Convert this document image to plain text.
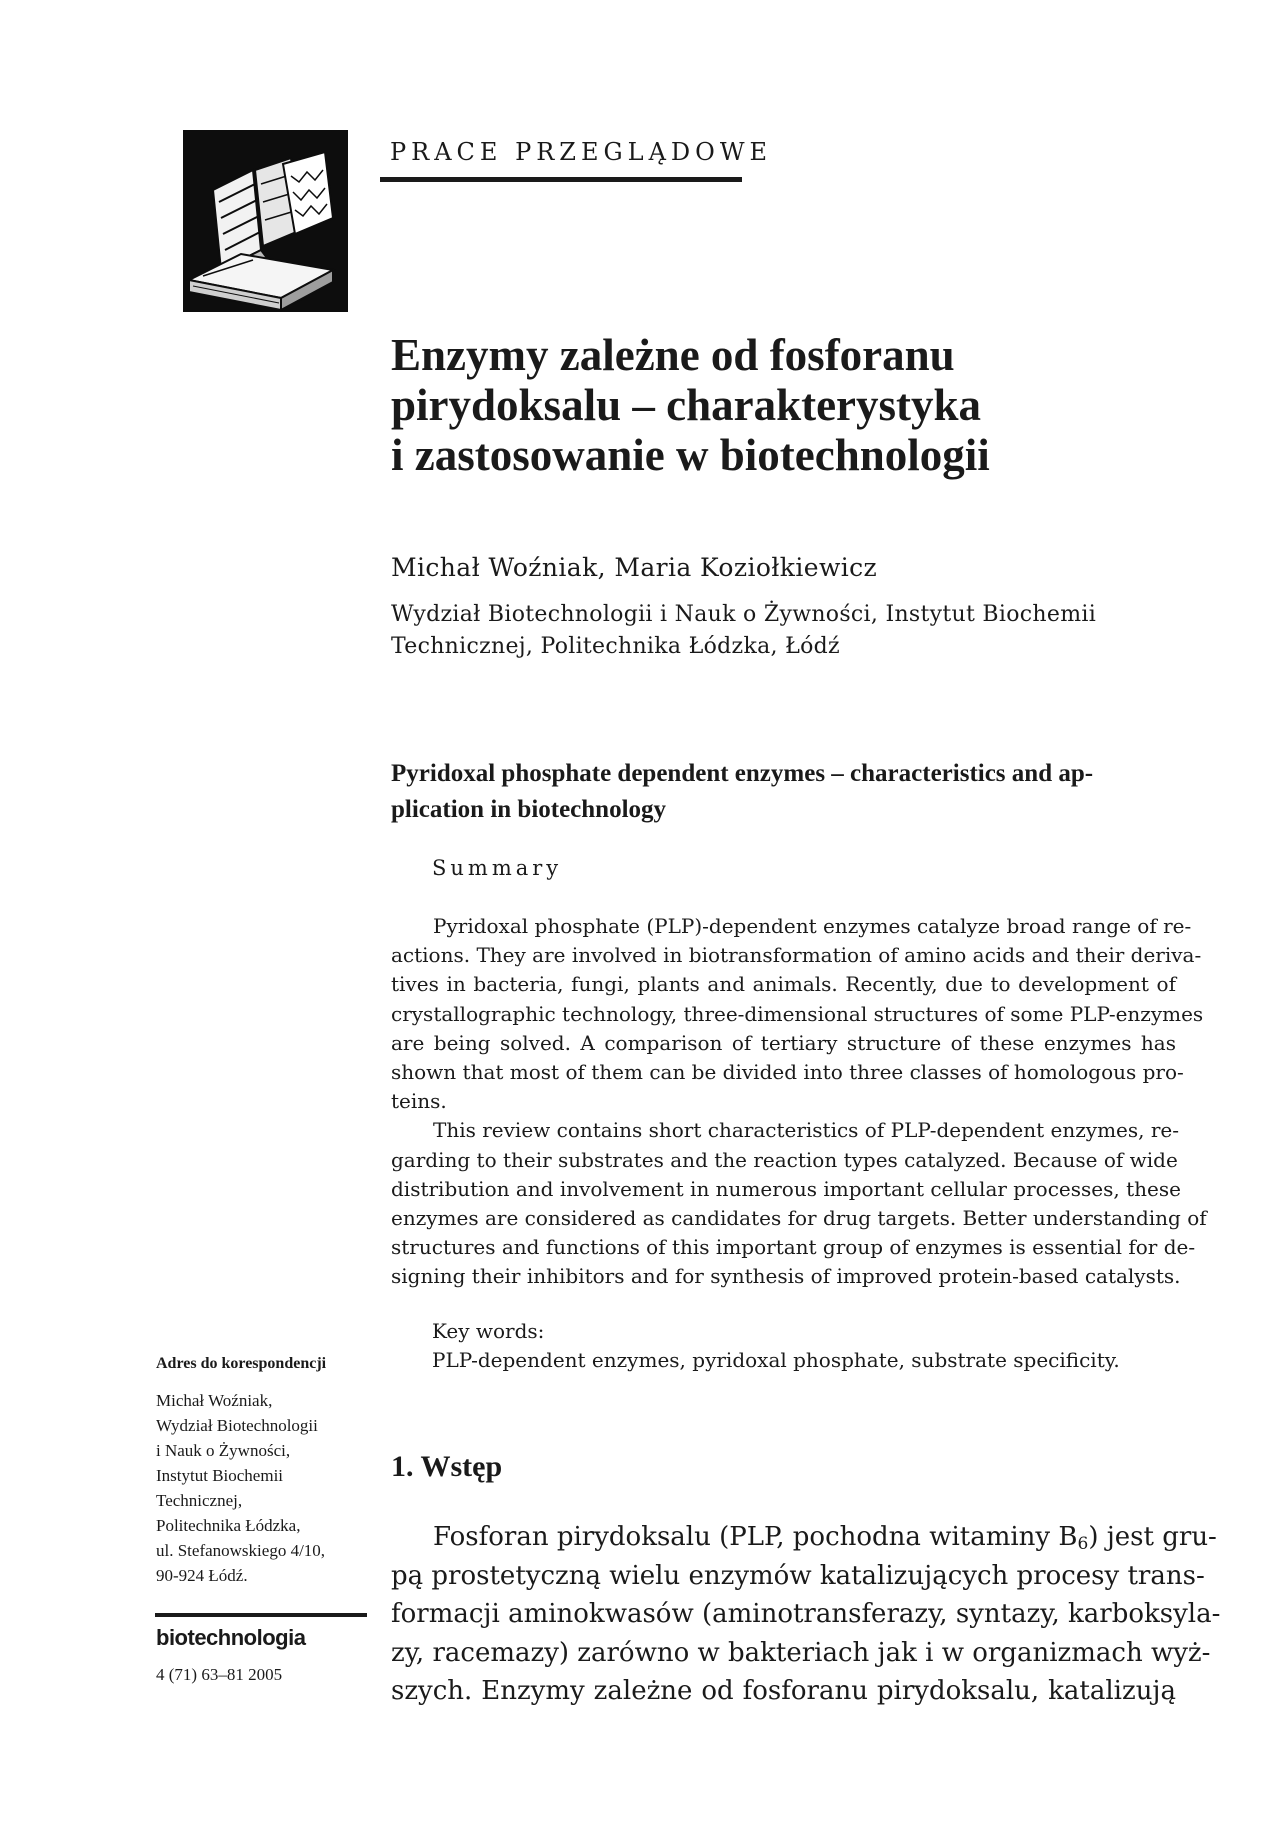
PRACE PRZEGLĄDOWE
Enzymy zależne od fosforanu
pirydoksalu – charakterystyka
i zastosowanie w biotechnologii
Michał Woźniak, Maria Koziołkiewicz
Wydział Biotechnologii i Nauk o Żywności, Instytut Biochemii
Technicznej, Politechnika Łódzka, Łódź
Pyridoxal phosphate dependent enzymes – characteristics and ap-
plication in biotechnology
Summary
Pyridoxal phosphate (PLP)-dependent enzymes catalyze broad range of re-
actions. They are involved in biotransformation of amino acids and their deriva-
tives in bacteria, fungi, plants and animals. Recently, due to development of
crystallographic technology, three-dimensional structures of some PLP-enzymes
are being solved. A comparison of tertiary structure of these enzymes has
shown that most of them can be divided into three classes of homologous pro-
teins.
This review contains short characteristics of PLP-dependent enzymes, re-
garding to their substrates and the reaction types catalyzed. Because of wide
distribution and involvement in numerous important cellular processes, these
enzymes are considered as candidates for drug targets. Better understanding of
structures and functions of this important group of enzymes is essential for de-
signing their inhibitors and for synthesis of improved protein-based catalysts.
Key words:
PLP-dependent enzymes, pyridoxal phosphate, substrate specificity.
Adres do korespondencji
Michał Woźniak,
Wydział Biotechnologii
i Nauk o Żywności,
Instytut Biochemii
Technicznej,
Politechnika Łódzka,
ul. Stefanowskiego 4/10,
90-924 Łódź.
biotechnologia
4 (71) 63–81 2005
1. Wstęp
Fosforan pirydoksalu (PLP, pochodna witaminy $B_6$) jest gru-
pą prostetyczną wielu enzymów katalizujących procesy trans-
formacji aminokwasów (aminotransferazy, syntazy, karboksyla-
zy, racemazy) zarówno w bakteriach jak i w organizmach wyż-
szych. Enzymy zależne od fosforanu pirydoksalu, katalizują
